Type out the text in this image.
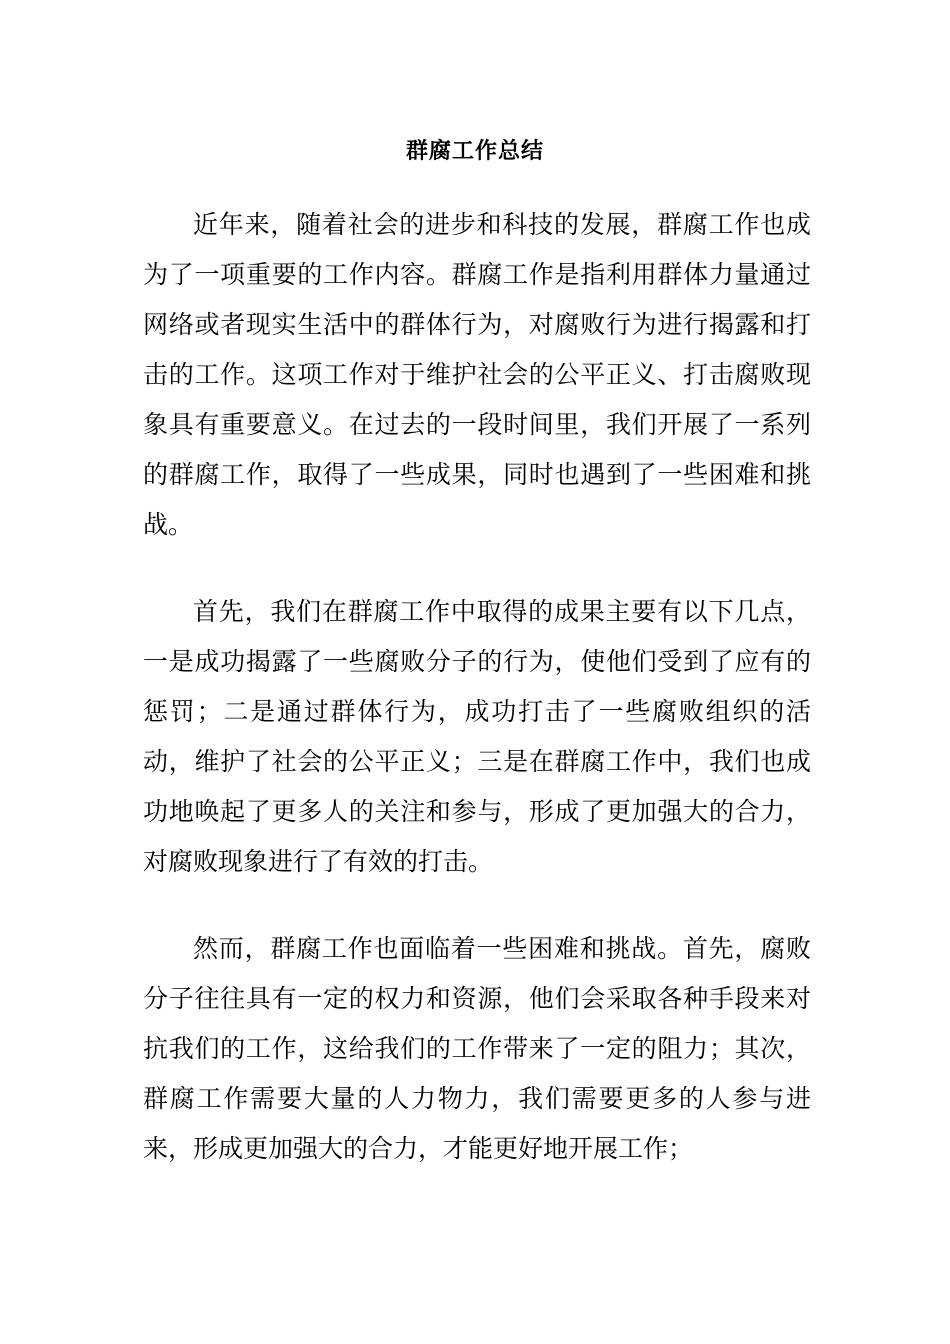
群腐工作总结

近年来，随着社会的进步和科技的发展，群腐工作也成为了一项重要的工作内容。群腐工作是指利用群体力量通过网络或者现实生活中的群体行为，对腐败行为进行揭露和打击的工作。这项工作对于维护社会的公平正义、打击腐败现象具有重要意义。在过去的一段时间里，我们开展了一系列的群腐工作，取得了一些成果，同时也遇到了一些困难和挑战。

首先，我们在群腐工作中取得的成果主要有以下几点，一是成功揭露了一些腐败分子的行为，使他们受到了应有的惩罚；二是通过群体行为，成功打击了一些腐败组织的活动，维护了社会的公平正义；三是在群腐工作中，我们也成功地唤起了更多人的关注和参与，形成了更加强大的合力，对腐败现象进行了有效的打击。

然而，群腐工作也面临着一些困难和挑战。首先，腐败分子往往具有一定的权力和资源，他们会采取各种手段来对抗我们的工作，这给我们的工作带来了一定的阻力；其次，群腐工作需要大量的人力物力，我们需要更多的人参与进来，形成更加强大的合力，才能更好地开展工作；
